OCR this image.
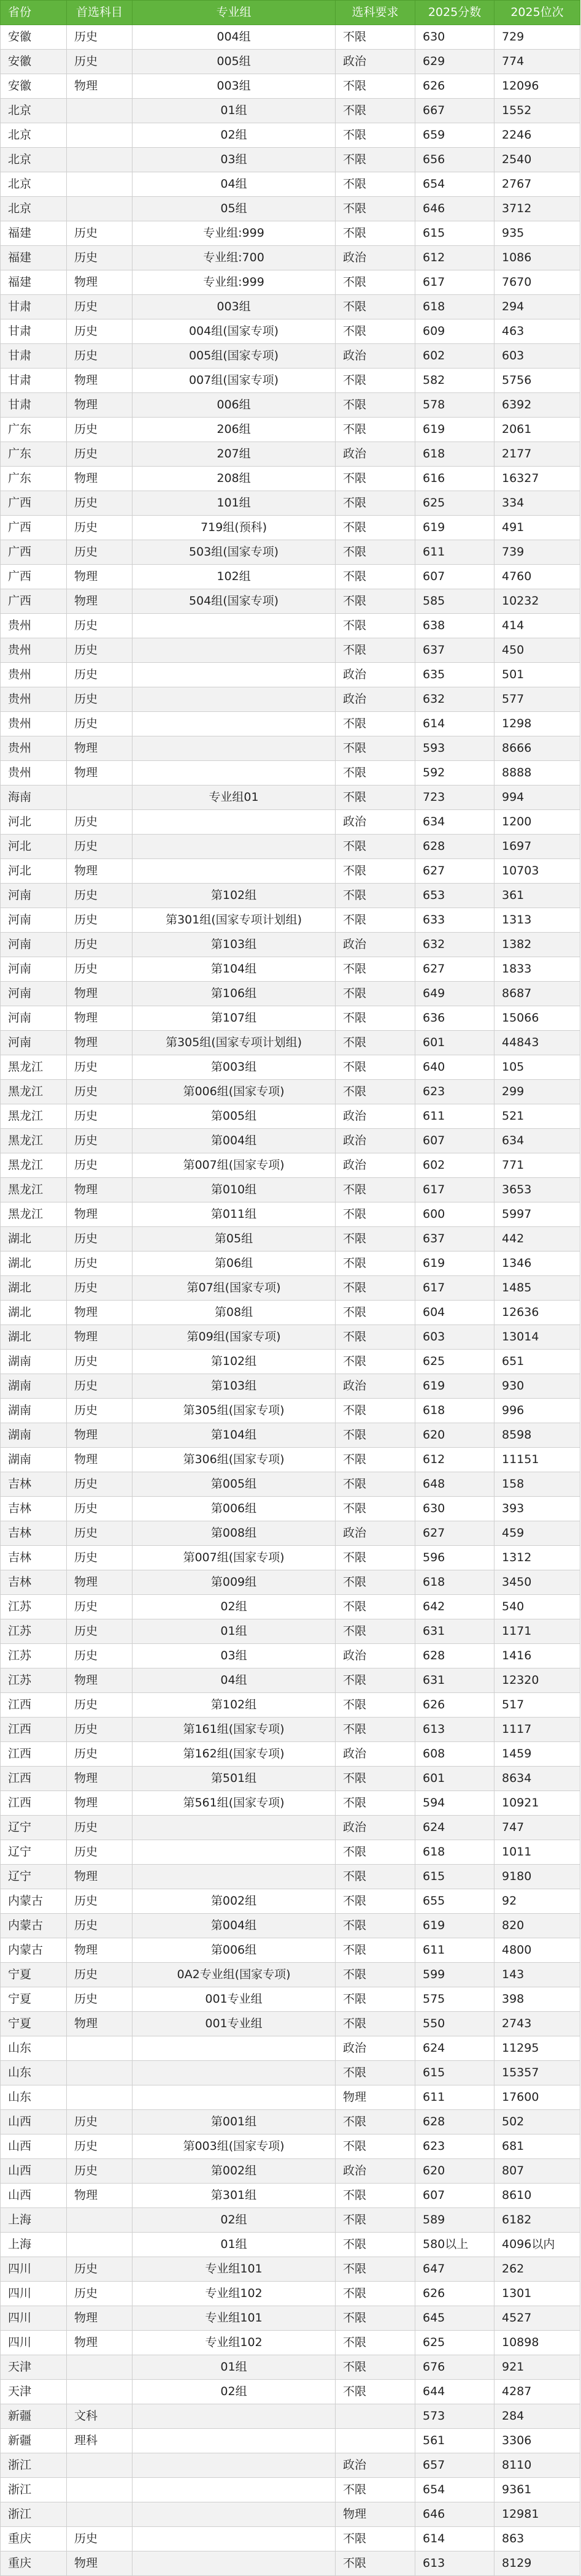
省份	首选科目	专业组	选科要求	2025分数	2025位次
安徽	历史	004组	不限	630	729
安徽	历史	005组	政治	629	774
安徽	物理	003组	不限	626	12096
北京		01组	不限	667	1552
北京		02组	不限	659	2246
北京		03组	不限	656	2540
北京		04组	不限	654	2767
北京		05组	不限	646	3712
福建	历史	专业组:999	不限	615	935
福建	历史	专业组:700	政治	612	1086
福建	物理	专业组:999	不限	617	7670
甘肃	历史	003组	不限	618	294
甘肃	历史	004组(国家专项)	不限	609	463
甘肃	历史	005组(国家专项)	政治	602	603
甘肃	物理	007组(国家专项)	不限	582	5756
甘肃	物理	006组	不限	578	6392
广东	历史	206组	不限	619	2061
广东	历史	207组	政治	618	2177
广东	物理	208组	不限	616	16327
广西	历史	101组	不限	625	334
广西	历史	719组(预科)	不限	619	491
广西	历史	503组(国家专项)	不限	611	739
广西	物理	102组	不限	607	4760
广西	物理	504组(国家专项)	不限	585	10232
贵州	历史		不限	638	414
贵州	历史		不限	637	450
贵州	历史		政治	635	501
贵州	历史		政治	632	577
贵州	历史		不限	614	1298
贵州	物理		不限	593	8666
贵州	物理		不限	592	8888
海南		专业组01	不限	723	994
河北	历史		政治	634	1200
河北	历史		不限	628	1697
河北	物理		不限	627	10703
河南	历史	第102组	不限	653	361
河南	历史	第301组(国家专项计划组)	不限	633	1313
河南	历史	第103组	政治	632	1382
河南	历史	第104组	不限	627	1833
河南	物理	第106组	不限	649	8687
河南	物理	第107组	不限	636	15066
河南	物理	第305组(国家专项计划组)	不限	601	44843
黑龙江	历史	第003组	不限	640	105
黑龙江	历史	第006组(国家专项)	不限	623	299
黑龙江	历史	第005组	政治	611	521
黑龙江	历史	第004组	政治	607	634
黑龙江	历史	第007组(国家专项)	政治	602	771
黑龙江	物理	第010组	不限	617	3653
黑龙江	物理	第011组	不限	600	5997
湖北	历史	第05组	不限	637	442
湖北	历史	第06组	不限	619	1346
湖北	历史	第07组(国家专项)	不限	617	1485
湖北	物理	第08组	不限	604	12636
湖北	物理	第09组(国家专项)	不限	603	13014
湖南	历史	第102组	不限	625	651
湖南	历史	第103组	政治	619	930
湖南	历史	第305组(国家专项)	不限	618	996
湖南	物理	第104组	不限	620	8598
湖南	物理	第306组(国家专项)	不限	612	11151
吉林	历史	第005组	不限	648	158
吉林	历史	第006组	不限	630	393
吉林	历史	第008组	政治	627	459
吉林	历史	第007组(国家专项)	不限	596	1312
吉林	物理	第009组	不限	618	3450
江苏	历史	02组	不限	642	540
江苏	历史	01组	不限	631	1171
江苏	历史	03组	政治	628	1416
江苏	物理	04组	不限	631	12320
江西	历史	第102组	不限	626	517
江西	历史	第161组(国家专项)	不限	613	1117
江西	历史	第162组(国家专项)	政治	608	1459
江西	物理	第501组	不限	601	8634
江西	物理	第561组(国家专项)	不限	594	10921
辽宁	历史		政治	624	747
辽宁	历史		不限	618	1011
辽宁	物理		不限	615	9180
内蒙古	历史	第002组	不限	655	92
内蒙古	历史	第004组	不限	619	820
内蒙古	物理	第006组	不限	611	4800
宁夏	历史	0A2专业组(国家专项)	不限	599	143
宁夏	历史	001专业组	不限	575	398
宁夏	物理	001专业组	不限	550	2743
山东			政治	624	11295
山东			不限	615	15357
山东			物理	611	17600
山西	历史	第001组	不限	628	502
山西	历史	第003组(国家专项)	不限	623	681
山西	历史	第002组	政治	620	807
山西	物理	第301组	不限	607	8610
上海		02组	不限	589	6182
上海		01组	不限	580以上	4096以内
四川	历史	专业组101	不限	647	262
四川	历史	专业组102	不限	626	1301
四川	物理	专业组101	不限	645	4527
四川	物理	专业组102	不限	625	10898
天津		01组	不限	676	921
天津		02组	不限	644	4287
新疆	文科			573	284
新疆	理科			561	3306
浙江			政治	657	8110
浙江			不限	654	9361
浙江			物理	646	12981
重庆	历史		不限	614	863
重庆	物理		不限	613	8129
